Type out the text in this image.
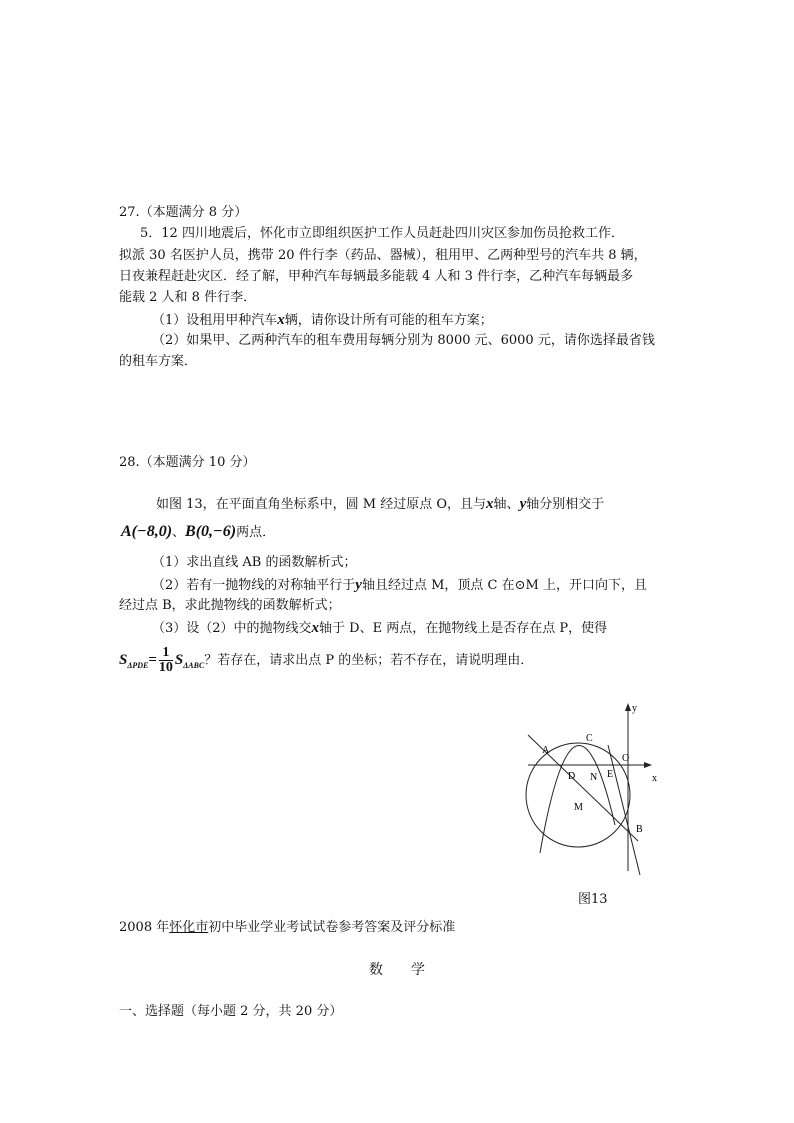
27.（本题满分 8 分）
5．12 四川地震后，怀化市立即组织医护工作人员赶赴四川灾区参加伤员抢救工作．
拟派 30 名医护人员，携带 20 件行李（药品、器械），租用甲、乙两种型号的汽车共 8 辆，
日夜兼程赶赴灾区．经了解，甲种汽车每辆最多能载 4 人和 3 件行李，乙种汽车每辆最多
能载 2 人和 8 件行李．
（1）设租用甲种汽车x辆，请你设计所有可能的租车方案；
（2）如果甲、乙两种汽车的租车费用每辆分别为 8000 元、6000 元，请你选择最省钱
的租车方案．
28.（本题满分 10 分）
如图 13，在平面直角坐标系中，圆 M 经过原点 O，且与x轴、y轴分别相交于
A(−8,0)、B(0,−6)两点．
（1）求出直线 AB 的函数解析式；
（2）若有一抛物线的对称轴平行于y轴且经过点 M，顶点 C 在⊙M 上，开口向下，且
经过点 B，求此抛物线的函数解析式；
（3）设（2）中的抛物线交x轴于 D、E 两点，在抛物线上是否存在点 P，使得
$S_{\Delta PDE}= \frac{1}{10} S_{\Delta ABC}$？若存在，请求出点 P 的坐标；若不存在，请说明理由．
y
x
A
C
O
D N E
M
B
图13
2008 年怀化市初中毕业学业考试试卷参考答案及评分标准
数　　学
一、选择题（每小题 2 分，共 20 分）
